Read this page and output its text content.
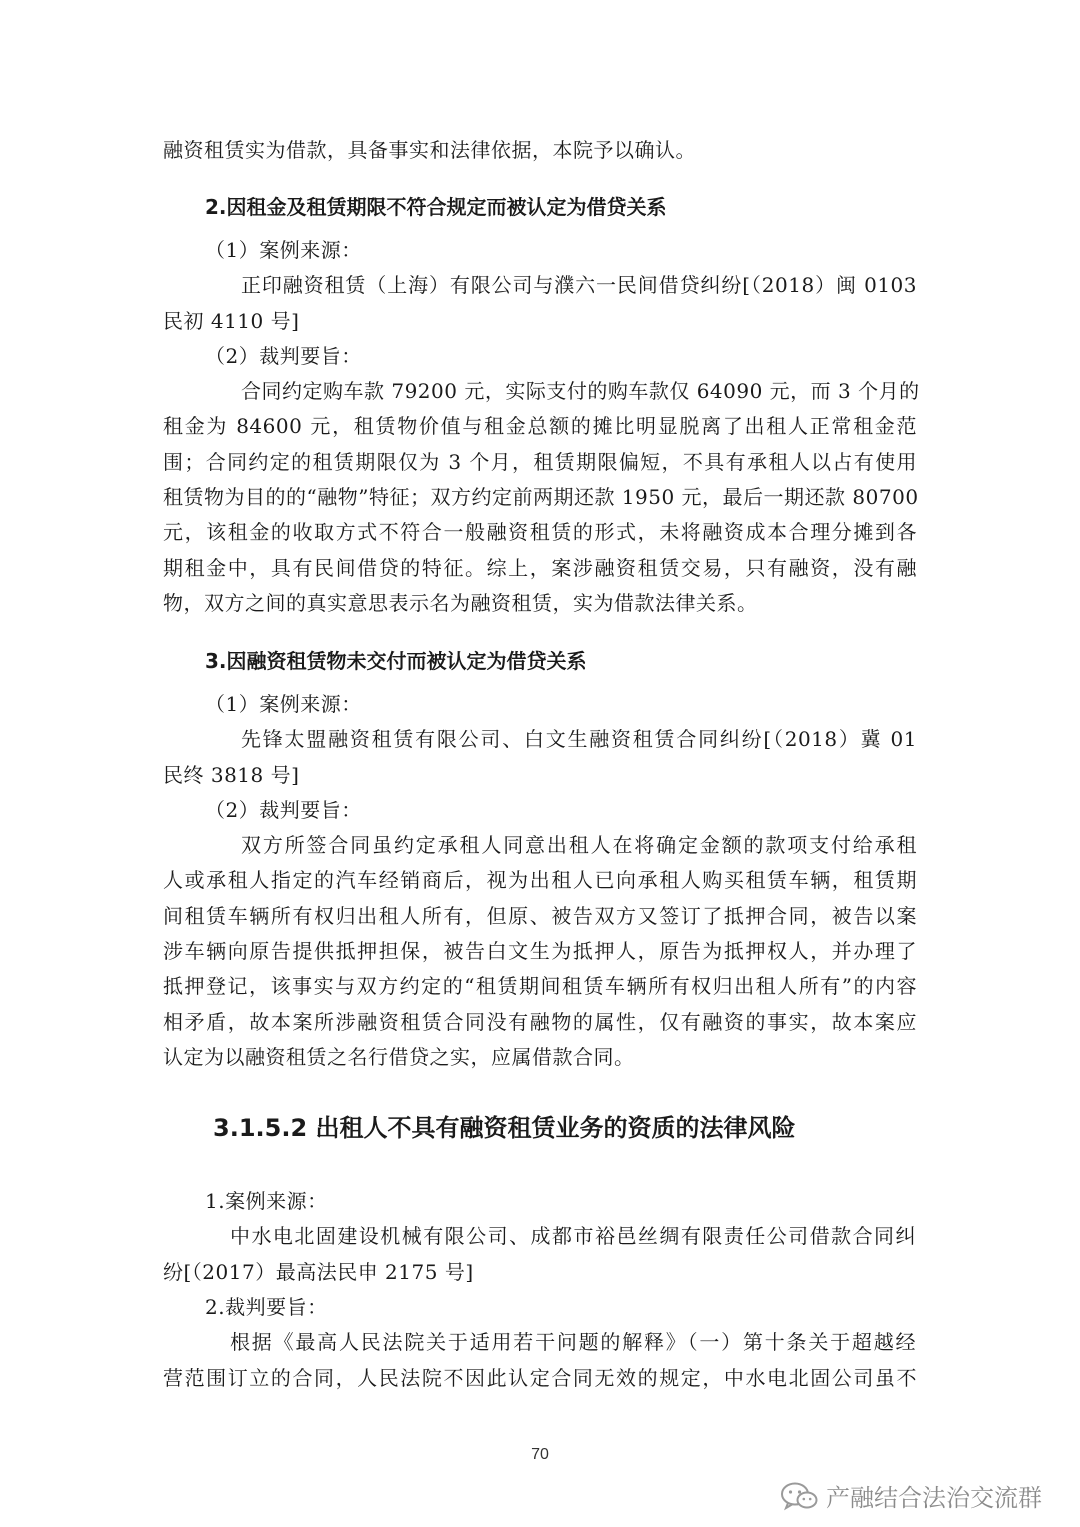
融资租赁实为借款，具备事实和法律依据，本院予以确认。
2.因租金及租赁期限不符合规定而被认定为借贷关系
（1）案例来源：
正印融资租赁（上海）有限公司与濮六一民间借贷纠纷[（2018）闽 0103
民初 4110 号]
（2）裁判要旨：
合同约定购车款 79200 元，实际支付的购车款仅 64090 元，而 3 个月的
租金为 84600 元，租赁物价值与租金总额的摊比明显脱离了出租人正常租金范
围；合同约定的租赁期限仅为 3 个月，租赁期限偏短，不具有承租人以占有使用
租赁物为目的的“融物”特征；双方约定前两期还款 1950 元，最后一期还款 80700
元，该租金的收取方式不符合一般融资租赁的形式，未将融资成本合理分摊到各
期租金中，具有民间借贷的特征。综上，案涉融资租赁交易，只有融资，没有融
物，双方之间的真实意思表示名为融资租赁，实为借款法律关系。
3.因融资租赁物未交付而被认定为借贷关系
（1）案例来源：
先锋太盟融资租赁有限公司、白文生融资租赁合同纠纷[（2018）冀 01
民终 3818 号]
（2）裁判要旨：
双方所签合同虽约定承租人同意出租人在将确定金额的款项支付给承租
人或承租人指定的汽车经销商后，视为出租人已向承租人购买租赁车辆，租赁期
间租赁车辆所有权归出租人所有，但原、被告双方又签订了抵押合同，被告以案
涉车辆向原告提供抵押担保，被告白文生为抵押人，原告为抵押权人，并办理了
抵押登记，该事实与双方约定的“租赁期间租赁车辆所有权归出租人所有”的内容
相矛盾，故本案所涉融资租赁合同没有融物的属性，仅有融资的事实，故本案应
认定为以融资租赁之名行借贷之实，应属借款合同。
3.1.5.2 出租人不具有融资租赁业务的资质的法律风险
1.案例来源：
中水电北固建设机械有限公司、成都市裕邑丝绸有限责任公司借款合同纠
纷[（2017）最高法民申 2175 号]
2.裁判要旨：
根据《最高人民法院关于适用若干问题的解释》（一）第十条关于超越经
营范围订立的合同，人民法院不因此认定合同无效的规定，中水电北固公司虽不
70
产融结合法治交流群
